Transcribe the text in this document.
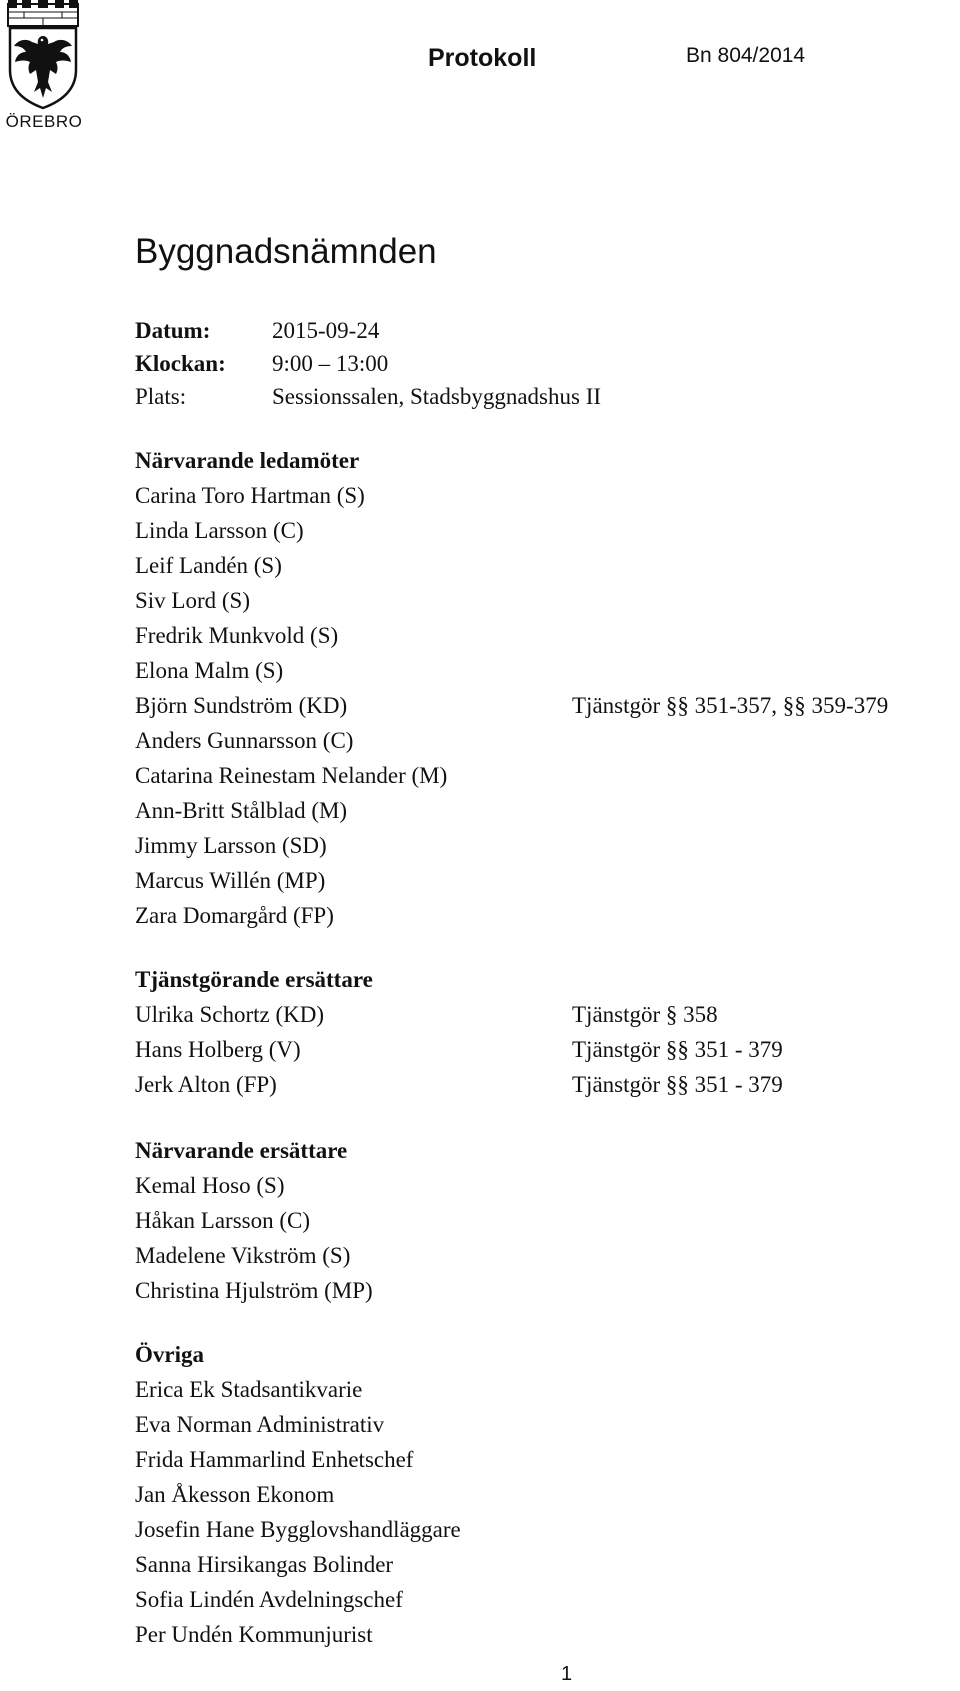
ÖREBRO
Protokoll	Bn 804/2014
Byggnadsnämnden
Datum:	2015-09-24
Klockan:	9:00 – 13:00
Plats:	Sessionssalen, Stadsbyggnadshus II
Närvarande ledamöter
Carina Toro Hartman (S)
Linda Larsson (C)
Leif Landén (S)
Siv Lord (S)
Fredrik Munkvold (S)
Elona Malm (S)
Björn Sundström (KD)	Tjänstgör §§ 351-357, §§ 359-379
Anders Gunnarsson (C)
Catarina Reinestam Nelander (M)
Ann-Britt Stålblad (M)
Jimmy Larsson (SD)
Marcus Willén (MP)
Zara Domargård (FP)
Tjänstgörande ersättare
Ulrika Schortz (KD)	Tjänstgör § 358
Hans Holberg (V)	Tjänstgör §§ 351 - 379
Jerk Alton (FP)	Tjänstgör §§ 351 - 379
Närvarande ersättare
Kemal Hoso (S)
Håkan Larsson (C)
Madelene Vikström (S)
Christina Hjulström (MP)
Övriga
Erica Ek Stadsantikvarie
Eva Norman Administrativ
Frida Hammarlind Enhetschef
Jan Åkesson Ekonom
Josefin Hane Bygglovshandläggare
Sanna Hirsikangas Bolinder
Sofia Lindén Avdelningschef
Per Undén Kommunjurist
1
